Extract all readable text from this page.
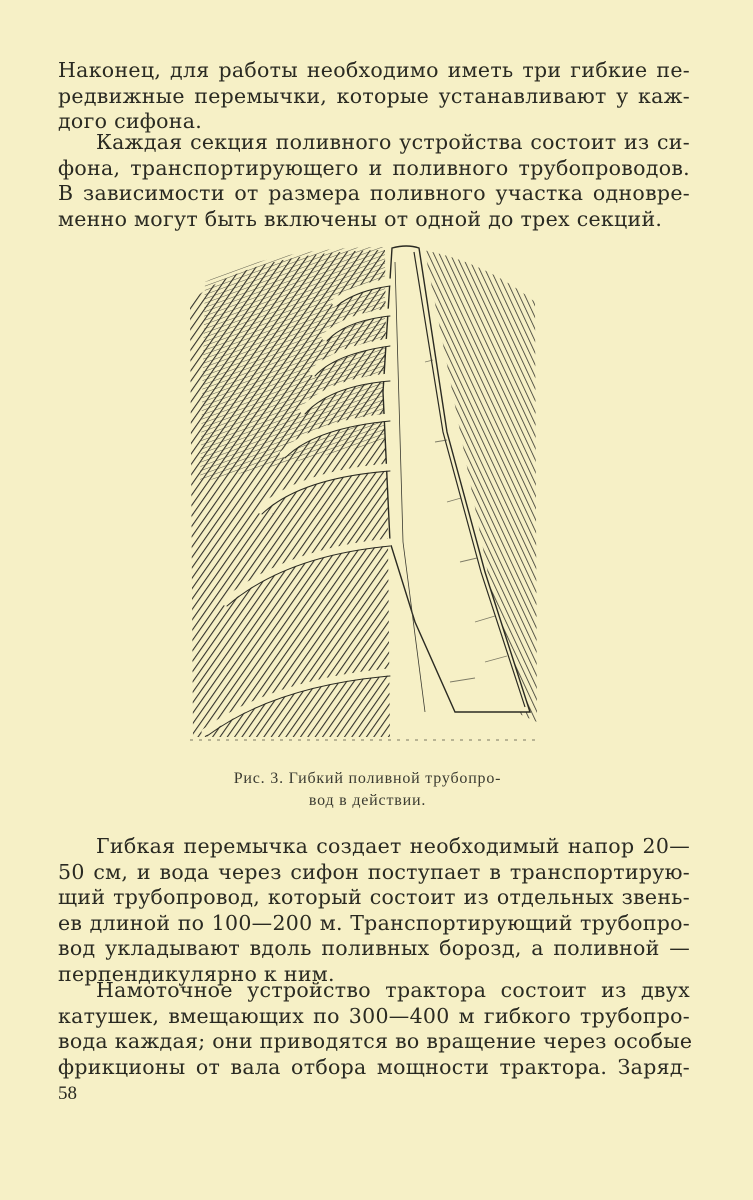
Наконец, для работы необходимо иметь три гибкие пе-
редвижные перемычки, которые устанавливают у каж-
дого сифона.

Каждая секция поливного устройства состоит из си-
фона, транспортирующего и поливного трубопроводов.
В зависимости от размера поливного участка одновре-
менно могут быть включены от одной до трех секций.

Рис. 3. Гибкий поливной трубопро-
вод в действии.

Гибкая перемычка создает необходимый напор 20—
50 см, и вода через сифон поступает в транспортирую-
щий трубопровод, который состоит из отдельных звень-
ев длиной по 100—200 м. Транспортирующий трубопро-
вод укладывают вдоль поливных борозд, а поливной —
перпендикулярно к ним.

Намоточное устройство трактора состоит из двух
катушек, вмещающих по 300—400 м гибкого трубопро-
вода каждая; они приводятся во вращение через особые
фрикционы от вала отбора мощности трактора. Заряд-

58
